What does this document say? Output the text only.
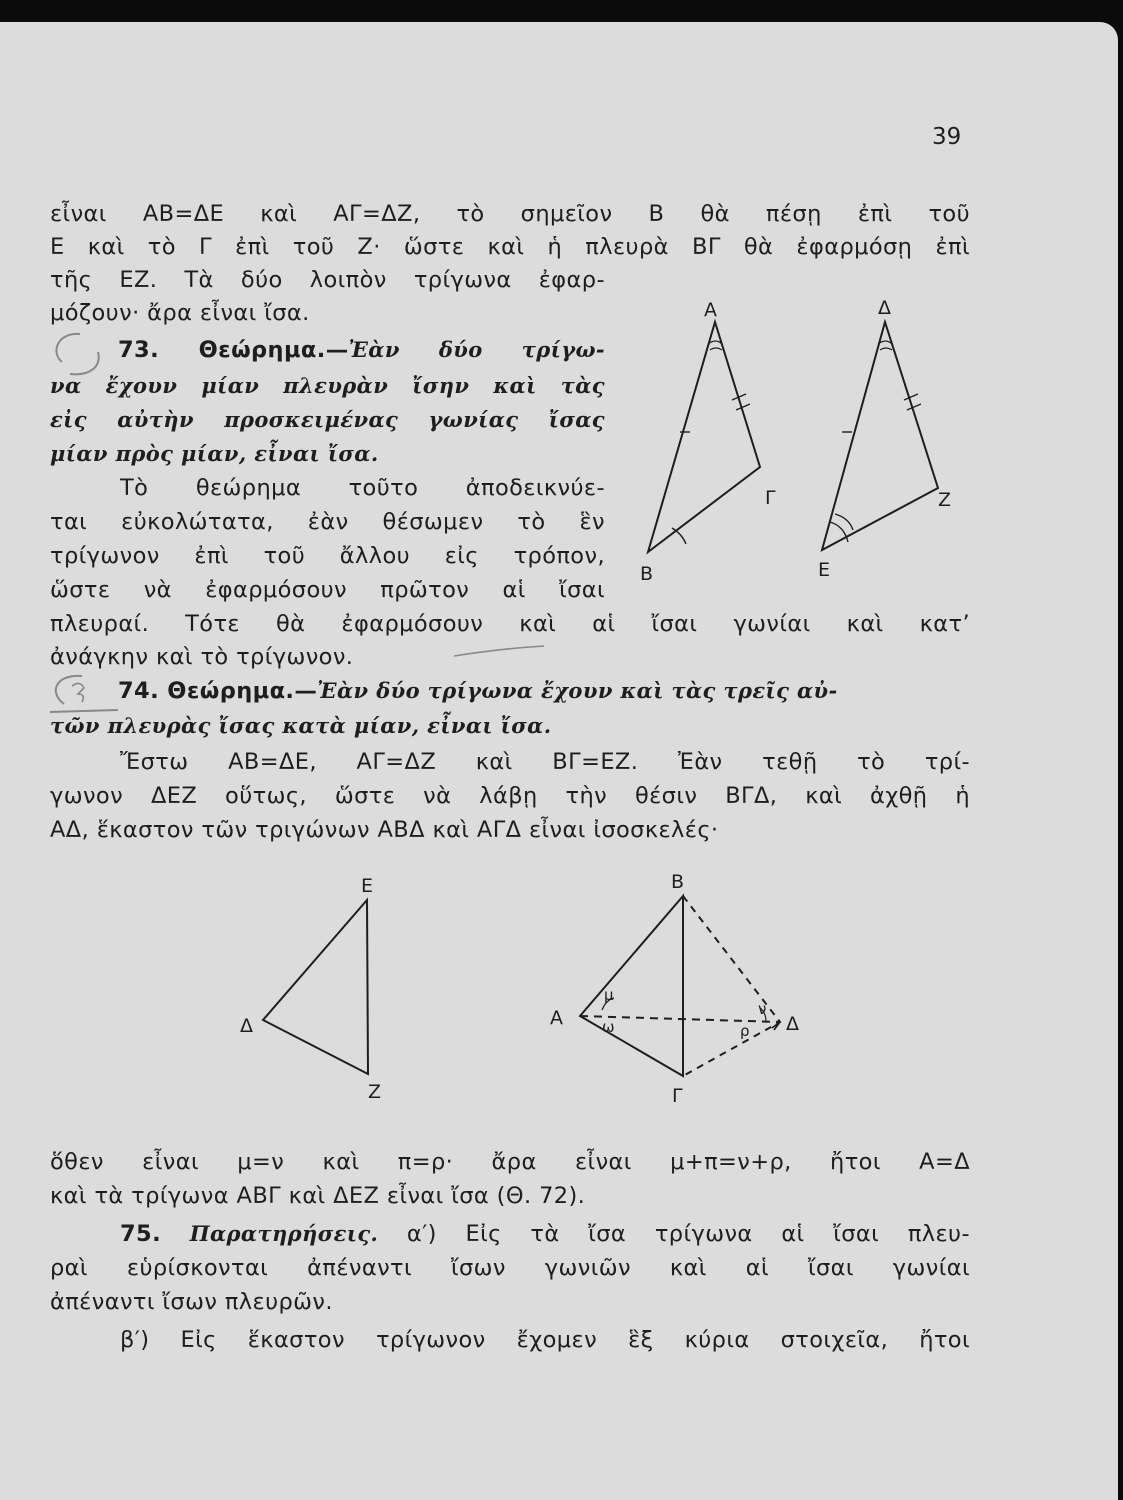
39
εἶναι ΑΒ=ΔΕ καὶ ΑΓ=ΔΖ, τὸ σημεῖον Β θὰ πέσῃ ἐπὶ τοῦ
Ε καὶ τὸ Γ ἐπὶ τοῦ Ζ· ὥστε καὶ ἡ πλευρὰ ΒΓ θὰ ἐφαρμόσῃ ἐπὶ
τῆς ΕΖ. Τὰ δύο λοιπὸν τρίγωνα ἐφαρ-
μόζουν· ἄρα εἶναι ἴσα.
73. Θεώρημα.—Ἐὰν δύο τρίγω-
να ἔχουν μίαν πλευρὰν ἴσην καὶ τὰς
εἰς αὐτὴν προσκειμένας γωνίας ἴσας
μίαν πρὸς μίαν, εἶναι ἴσα.
Τὸ θεώρημα τοῦτο ἀποδεικνύε-
ται εὐκολώτατα, ἐὰν θέσωμεν τὸ ἓν
τρίγωνον ἐπὶ τοῦ ἄλλου εἰς τρόπον,
ὥστε νὰ ἐφαρμόσουν πρῶτον αἱ ἴσαι
πλευραί. Τότε θὰ ἐφαρμόσουν καὶ αἱ ἴσαι γωνίαι καὶ κατ’
ἀνάγκην καὶ τὸ τρίγωνον.
74. Θεώρημα.—Ἐὰν δύο τρίγωνα ἔχουν καὶ τὰς τρεῖς αὐ-
τῶν πλευρὰς ἴσας κατὰ μίαν, εἶναι ἴσα.
Ἔστω ΑΒ=ΔΕ, ΑΓ=ΔΖ καὶ ΒΓ=ΕΖ. Ἐὰν τεθῇ τὸ τρί-
γωνον ΔΕΖ οὕτως, ὥστε νὰ λάβῃ τὴν θέσιν ΒΓΔ, καὶ ἀχθῇ ἡ
ΑΔ, ἕκαστον τῶν τριγώνων ΑΒΔ καὶ ΑΓΔ εἶναι ἰσοσκελές·
ὅθεν εἶναι μ=ν καὶ π=ρ· ἄρα εἶναι μ+π=ν+ρ, ἤτοι Α=Δ
καὶ τὰ τρίγωνα ΑΒΓ καὶ ΔΕΖ εἶναι ἴσα (Θ. 72).
75. Παρατηρήσεις. α′) Εἰς τὰ ἴσα τρίγωνα αἱ ἴσαι πλευ-
ραὶ εὑρίσκονται ἀπέναντι ἴσων γωνιῶν καὶ αἱ ἴσαι γωνίαι
ἀπέναντι ἴσων πλευρῶν.
β′) Εἰς ἕκαστον τρίγωνον ἔχομεν ἓξ κύρια στοιχεῖα, ἤτοι
Α
Γ
Β
Δ
Ζ
Ε
Ε
Δ
Ζ
Β
Α
Γ
Δ
μ
ω	ρ
ν
